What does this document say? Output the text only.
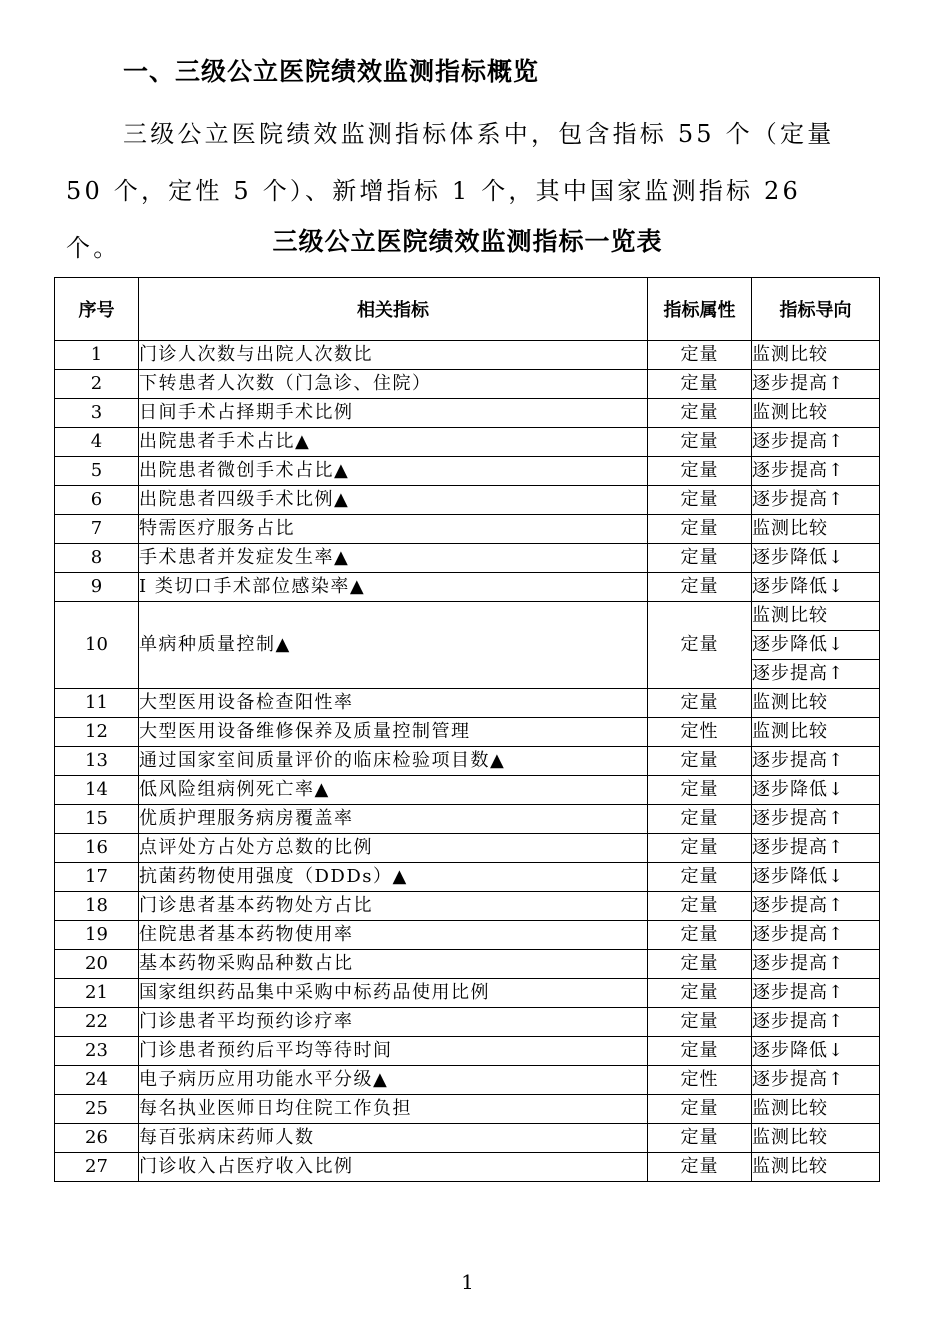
一、三级公立医院绩效监测指标概览

三级公立医院绩效监测指标体系中，包含指标 55 个（定量 50 个，定性 5 个）、新增指标 1 个，其中国家监测指标 26 个。	三级公立医院绩效监测指标一览表
序号	相关指标	指标属性	指标导向
1	门诊人次数与出院人次数比	定量	监测比较
2	下转患者人次数（门急诊、住院）	定量	逐步提高↑
3	日间手术占择期手术比例	定量	监测比较
4	出院患者手术占比▲	定量	逐步提高↑
5	出院患者微创手术占比▲	定量	逐步提高↑
6	出院患者四级手术比例▲	定量	逐步提高↑
7	特需医疗服务占比	定量	监测比较
8	手术患者并发症发生率▲	定量	逐步降低↓
9	I 类切口手术部位感染率▲	定量	逐步降低↓
10	单病种质量控制▲	定量	监测比较
			逐步降低↓
			逐步提高↑
11	大型医用设备检查阳性率	定量	监测比较
12	大型医用设备维修保养及质量控制管理	定性	监测比较
13	通过国家室间质量评价的临床检验项目数▲	定量	逐步提高↑
14	低风险组病例死亡率▲	定量	逐步降低↓
15	优质护理服务病房覆盖率	定量	逐步提高↑
16	点评处方占处方总数的比例	定量	逐步提高↑
17	抗菌药物使用强度（DDDs）▲	定量	逐步降低↓
18	门诊患者基本药物处方占比	定量	逐步提高↑
19	住院患者基本药物使用率	定量	逐步提高↑
20	基本药物采购品种数占比	定量	逐步提高↑
21	国家组织药品集中采购中标药品使用比例	定量	逐步提高↑
22	门诊患者平均预约诊疗率	定量	逐步提高↑
23	门诊患者预约后平均等待时间	定量	逐步降低↓
24	电子病历应用功能水平分级▲	定性	逐步提高↑
25	每名执业医师日均住院工作负担	定量	监测比较
26	每百张病床药师人数	定量	监测比较
27	门诊收入占医疗收入比例	定量	监测比较
1
